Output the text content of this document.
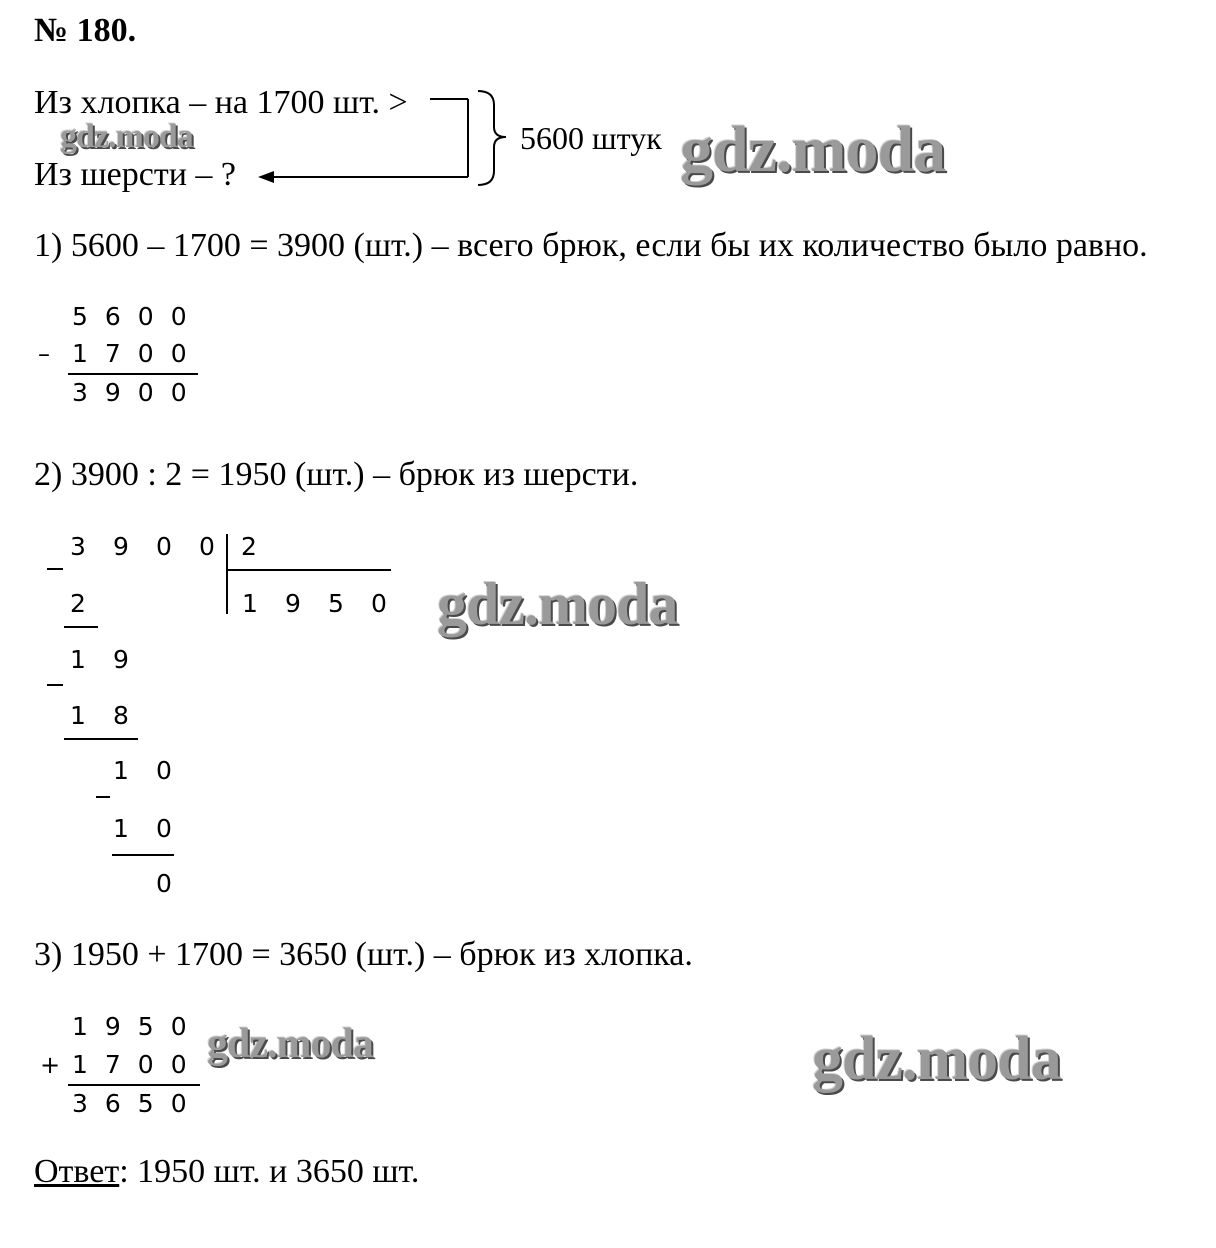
№ 180.
Из хлопка – на 1700 шт. >
Из шерсти – ?
5600 штук
1) 5600 – 1700 = 3900 (шт.) – всего брюк, если бы их количество было равно.
5600
– 1700
3900
2) 3900 : 2 = 1950 (шт.) – брюк из шерсти.
3 9 0 0 2
1 9 5 0
2
1 9
1 8
1 0
1 0
0
3) 1950 + 1700 = 3650 (шт.) – брюк из хлопка.
1950
+ 1700
3650
Ответ: 1950 шт. и 3650 шт.
gdz.moda	gdz.moda
gdz.moda
gdz.moda	gdz.moda
